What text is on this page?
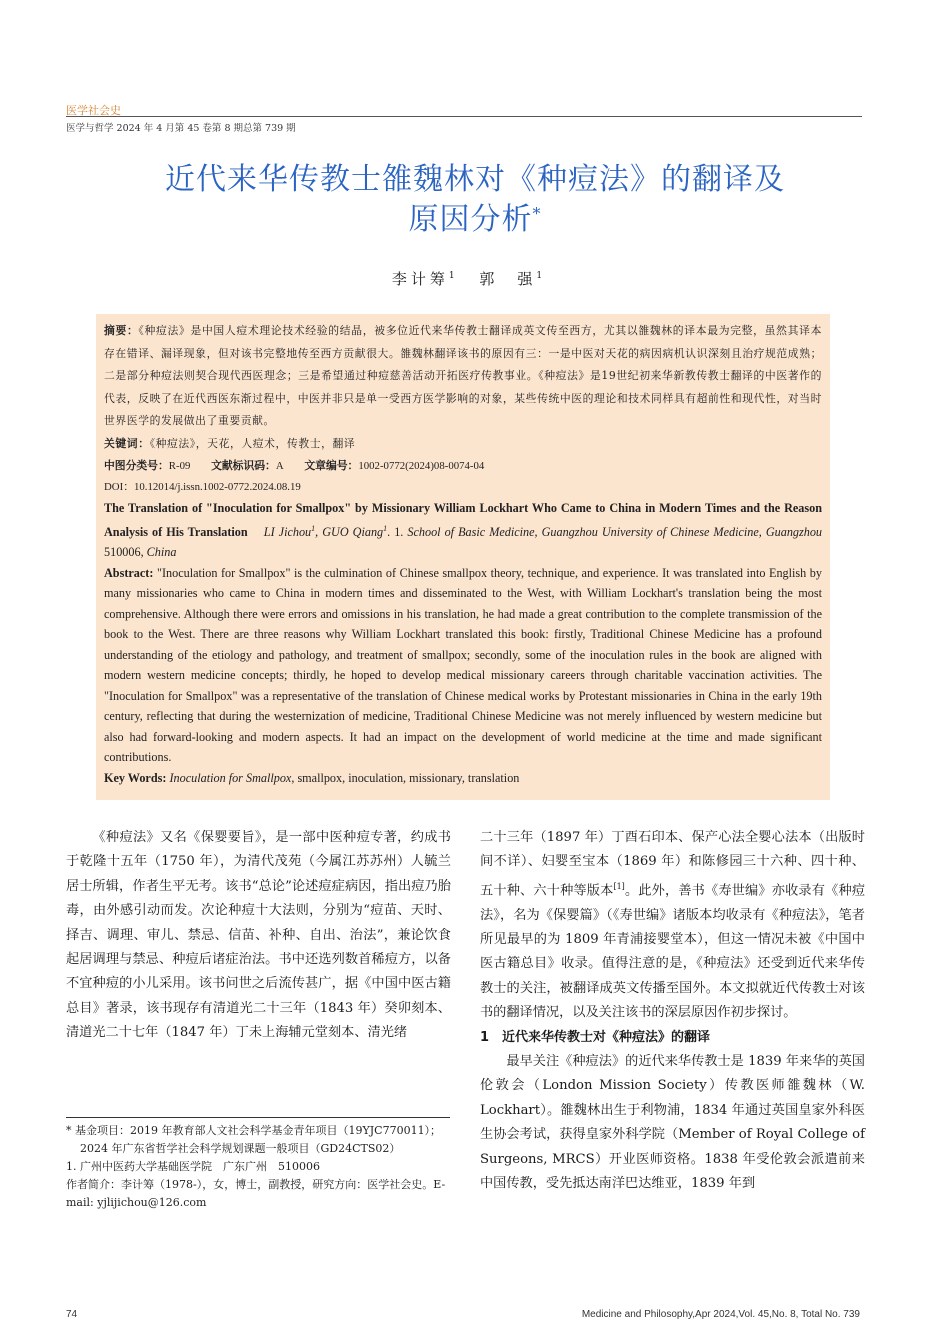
医学社会史
医学与哲学 2024 年 4 月第 45 卷第 8 期总第 739 期
近代来华传教士雒魏林对《种痘法》的翻译及
原因分析*
李计筹$^1$ 郭　强$^1$
摘要：《种痘法》是中国人痘术理论技术经验的结晶，被多位近代来华传教士翻译成英文传至西方，尤其以雒魏林的译本最为完整，虽然其译本存在错译、漏译现象，但对该书完整地传至西方贡献很大。雒魏林翻译该书的原因有三：一是中医对天花的病因病机认识深刻且治疗规范成熟；二是部分种痘法则契合现代西医理念；三是希望通过种痘慈善活动开拓医疗传教事业。《种痘法》是19世纪初来华新教传教士翻译的中医著作的代表，反映了在近代西医东渐过程中，中医并非只是单一受西方医学影响的对象，某些传统中医的理论和技术同样具有超前性和现代性，对当时世界医学的发展做出了重要贡献。
关键词：《种痘法》，天花，人痘术，传教士，翻译
中图分类号：R-09 文献标识码：A 文章编号：1002-0772(2024)08-0074-04
DOI：10.12014/j.issn.1002-0772.2024.08.19
The Translation of "Inoculation for Smallpox" by Missionary William Lockhart Who Came to China in Modern Times and the Reason Analysis of His Translation LI Jichou$^1$, GUO Qiang$^1$. 1. School of Basic Medicine, Guangzhou University of Chinese Medicine, Guangzhou 510006, China
Abstract: "Inoculation for Smallpox" is the culmination of Chinese smallpox theory, technique, and experience. It was translated into English by many missionaries who came to China in modern times and disseminated to the West, with William Lockhart's translation being the most comprehensive. Although there were errors and omissions in his translation, he had made a great contribution to the complete transmission of the book to the West. There are three reasons why William Lockhart translated this book: firstly, Traditional Chinese Medicine has a profound understanding of the etiology and pathology, and treatment of smallpox; secondly, some of the inoculation rules in the book are aligned with modern western medicine concepts; thirdly, he hoped to develop medical missionary careers through charitable vaccination activities. The "Inoculation for Smallpox" was a representative of the translation of Chinese medical works by Protestant missionaries in China in the early 19th century, reflecting that during the westernization of medicine, Traditional Chinese Medicine was not merely influenced by western medicine but also had forward-looking and modern aspects. It had an impact on the development of world medicine at the time and made significant contributions.
Key Words: Inoculation for Smallpox, smallpox, inoculation, missionary, translation

《种痘法》又名《保婴要旨》，是一部中医种痘专著，约成书于乾隆十五年（1750 年），为清代茂苑（今属江苏苏州）人毓兰居士所辑，作者生平无考。该书“总论”论述痘症病因，指出痘乃胎毒，由外感引动而发。次论种痘十大法则，分别为“痘苗、天时、择吉、调理、审儿、禁忌、信苗、补种、自出、治法”，兼论饮食起居调理与禁忌、种痘后诸症治法。书中还选列数首稀痘方，以备不宜种痘的小儿采用。该书问世之后流传甚广，据《中国中医古籍总目》著录，该书现存有清道光二十三年（1843 年）癸卯刻本、清道光二十七年（1847 年）丁未上海辅元堂刻本、清光绪

二十三年（1897 年）丁酉石印本、保产心法全婴心法本（出版时间不详）、妇婴至宝本（1869 年）和陈修园三十六种、四十种、五十种、六十种等版本[1]。此外，善书《寿世编》亦收录有《种痘法》，名为《保婴篇》（《寿世编》诸版本均收录有《种痘法》，笔者所见最早的为 1809 年青浦接婴堂本），但这一情况未被《中国中医古籍总目》收录。值得注意的是，《种痘法》还受到近代来华传教士的关注，被翻译成英文传播至国外。本文拟就近代传教士对该书的翻译情况，以及关注该书的深层原因作初步探讨。

1　近代来华传教士对《种痘法》的翻译

最早关注《种痘法》的近代来华传教士是 1839 年来华的英国伦敦会（London Mission Society）传教医师雒魏林（W. Lockhart）。雒魏林出生于利物浦，1834 年通过英国皇家外科医生协会考试，获得皇家外科学院（Member of Royal College of Surgeons, MRCS）开业医师资格。1838 年受伦敦会派遣前来中国传教，受先抵达南洋巴达维亚，1839 年到

* 基金项目：2019 年教育部人文社会科学基金青年项目（19YJC770011）；2024 年广东省哲学社会科学规划课题一般项目（GD24CTS02）

1. 广州中医药大学基础医学院　广东广州　510006

作者简介：李计筹（1978-），女，博士，副教授，研究方向：医学社会史。E-mail: yjlijichou@126.com

74	Medicine and Philosophy,Apr 2024,Vol. 45,No. 8, Total No. 739
